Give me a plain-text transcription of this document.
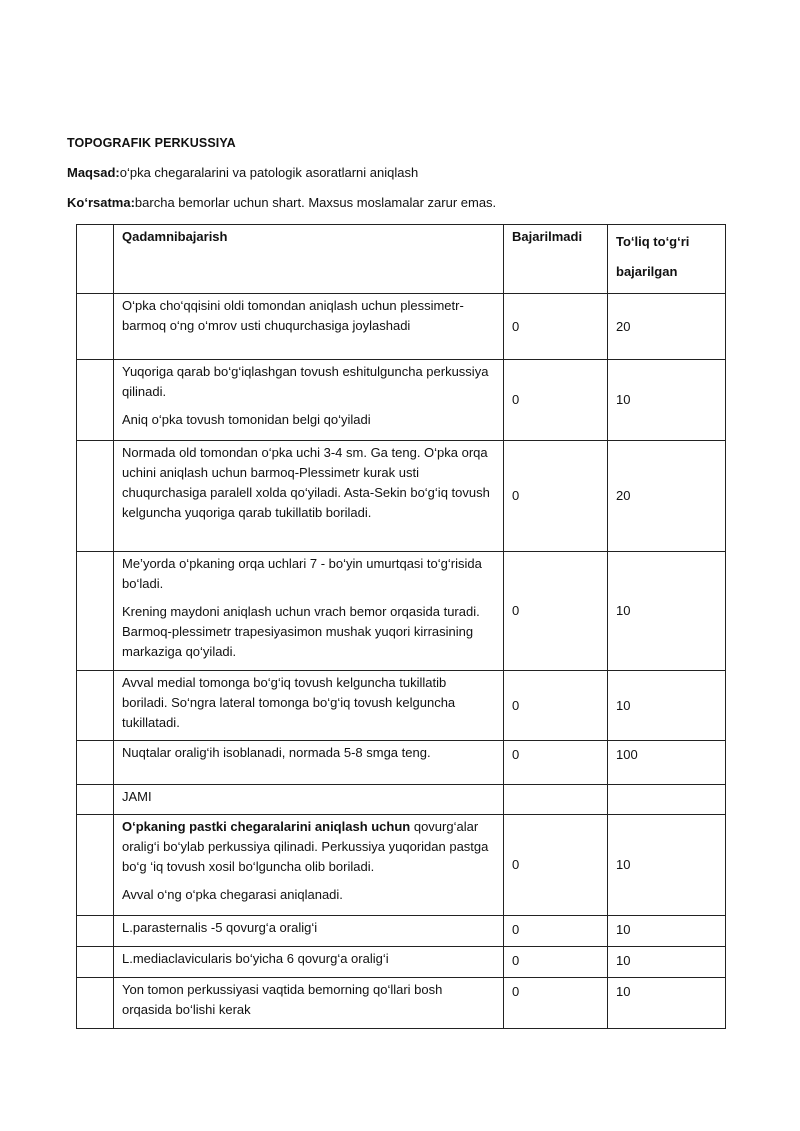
TOPOGRAFIK PERKUSSIYA
Maqsad:o‘pka chegaralarini va patologik asoratlarni aniqlash
Ko‘rsatma:barcha bemorlar uchun shart. Maxsus moslamalar zarur emas.
	Qadamnibajarish	Bajarilmadi	To‘liq to‘g‘ri
bajarilgan

	O‘pka cho‘qqisini oldi tomondan aniqlash uchun plessimetr-barmoq o‘ng o‘mrov usti chuqurchasiga joylashadi	0	20

	Yuqoriga qarab bo‘g‘iqlashgan tovush eshitulguncha perkussiya qilinadi.

Aniq o‘pka tovush tomonidan belgi qo‘yiladi	0	10

	Normada old tomondan o‘pka uchi 3-4 sm. Ga teng. O‘pka orqa uchini aniqlash uchun barmoq-Plessimetr kurak usti chuqurchasiga paralell xolda qo‘yiladi. Asta-Sekin bo‘g‘iq tovush kelguncha yuqoriga qarab tukillatib boriladi.	0	20

	Me’yorda o‘pkaning orqa uchlari 7 - bo‘yin umurtqasi to‘g‘risida bo‘ladi.

Krening maydoni aniqlash uchun vrach bemor orqasida turadi. Barmoq-plessimetr trapesiyasimon mushak yuqori kirrasining markaziga qo‘yiladi.	0	10

	Avval medial tomonga bo‘g‘iq tovush kelguncha tukillatib boriladi. So‘ngra lateral tomonga bo‘g‘iq tovush kelguncha tukillatadi.	0	10

	Nuqtalar oralig‘ih isoblanadi, normada 5-8 smga teng.	0	100

	JAMI		

	O‘pkaning pastki chegaralarini aniqlash uchun qovurg‘alar oralig‘i bo‘ylab perkussiya qilinadi. Perkussiya yuqoridan pastga bo‘g ‘iq tovush xosil bo‘lguncha olib boriladi.

Avval o‘ng o‘pka chegarasi aniqlanadi.	0	10

	L.parasternalis -5 qovurg‘a oralig‘i	0	10

	L.mediaclavicularis bo‘yicha 6 qovurg‘a oralig‘i	0	10

	Yon tomon perkussiyasi vaqtida bemorning qo‘llari bosh orqasida bo‘lishi kerak	0	10
